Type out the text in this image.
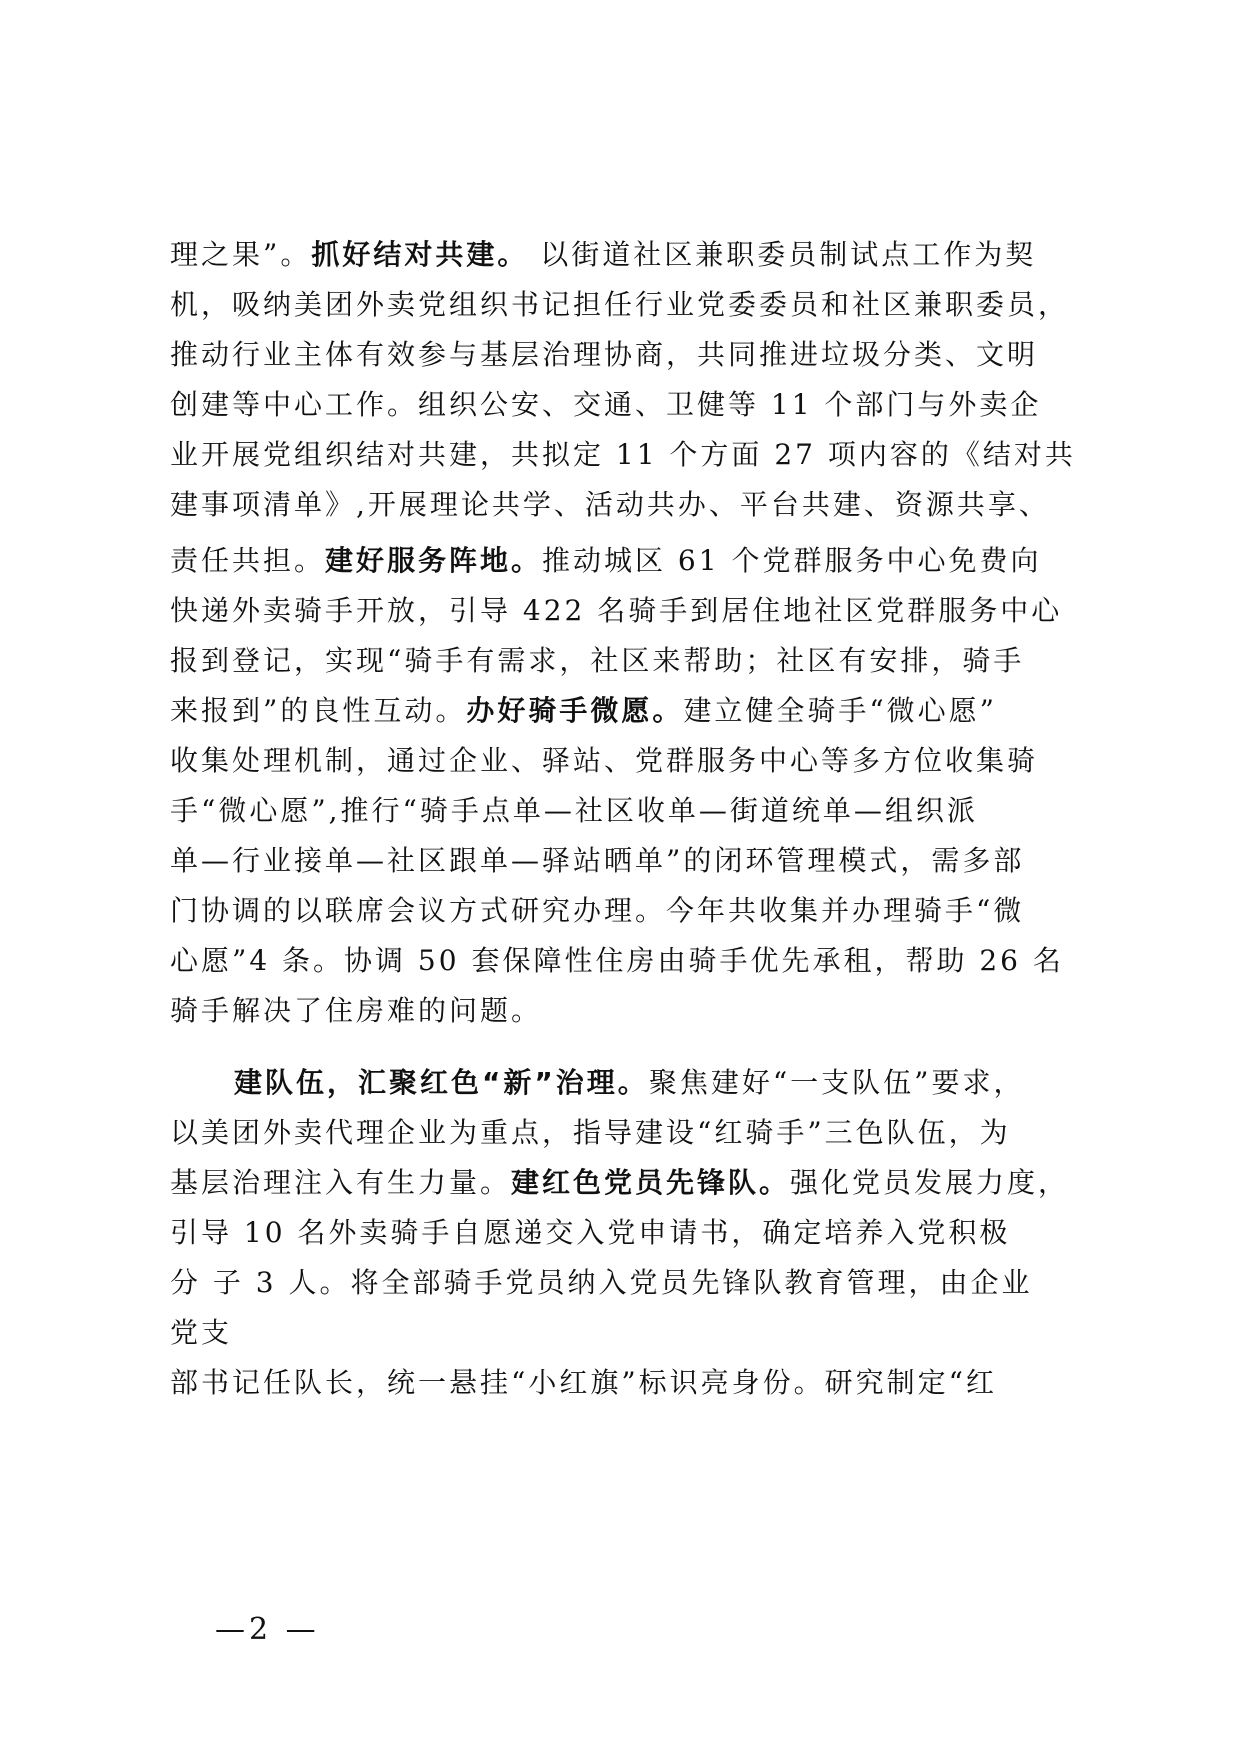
理之果”。抓好结对共建。 以街道社区兼职委员制试点工作为契
机，吸纳美团外卖党组织书记担任行业党委委员和社区兼职委员，
推动行业主体有效参与基层治理协商，共同推进垃圾分类、文明
创建等中心工作。组织公安、交通、卫健等 11 个部门与外卖企
业开展党组织结对共建，共拟定 11 个方面 27 项内容的《结对共
建事项清单》,开展理论共学、活动共办、平台共建、资源共享、
责任共担。建好服务阵地。推动城区 61 个党群服务中心免费向
快递外卖骑手开放，引导 422 名骑手到居住地社区党群服务中心
报到登记，实现“骑手有需求，社区来帮助；社区有安排，骑手
来报到”的良性互动。办好骑手微愿。建立健全骑手“微心愿”
收集处理机制，通过企业、驿站、党群服务中心等多方位收集骑
手“微心愿”,推行“骑手点单—社区收单—街道统单—组织派
单—行业接单—社区跟单—驿站晒单”的闭环管理模式，需多部
门协调的以联席会议方式研究办理。今年共收集并办理骑手“微
心愿”4 条。协调 50 套保障性住房由骑手优先承租，帮助 26 名
骑手解决了住房难的问题。
建队伍，汇聚红色“新”治理。聚焦建好“一支队伍”要求，
以美团外卖代理企业为重点，指导建设“红骑手”三色队伍，为
基层治理注入有生力量。建红色党员先锋队。强化党员发展力度，
引导 10 名外卖骑手自愿递交入党申请书，确定培养入党积极
分 子 3 人。将全部骑手党员纳入党员先锋队教育管理，由企业
党支
部书记任队长，统一悬挂“小红旗”标识亮身份。研究制定“红
—2 —
